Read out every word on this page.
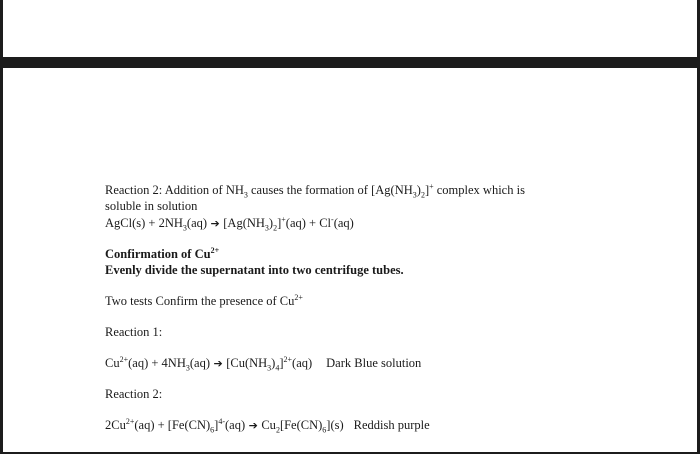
Reaction 2: Addition of $NH_3$ causes the formation of $[Ag(NH_3)_2]^+$ complex which is
soluble in solution
AgCl(s) + $2NH_3(aq)$ ➔ $[Ag(NH_3)_2]^+(aq) + Cl^-(aq)$
Confirmation of $Cu^{2+}$
Evenly divide the supernatant into two centrifuge tubes.
Two tests Confirm the presence of $Cu^{2+}$
Reaction 1:
$Cu^{2+}(aq) + 4NH_3(aq)$ ➔ $[Cu(NH_3)_4]^{2+}(aq)$ Dark Blue solution
Reaction 2:
$2Cu^{2+}(aq) + [Fe(CN)_6]^{4-}(aq)$ ➔ $Cu_2[Fe(CN)_6](s)$ Reddish purple
